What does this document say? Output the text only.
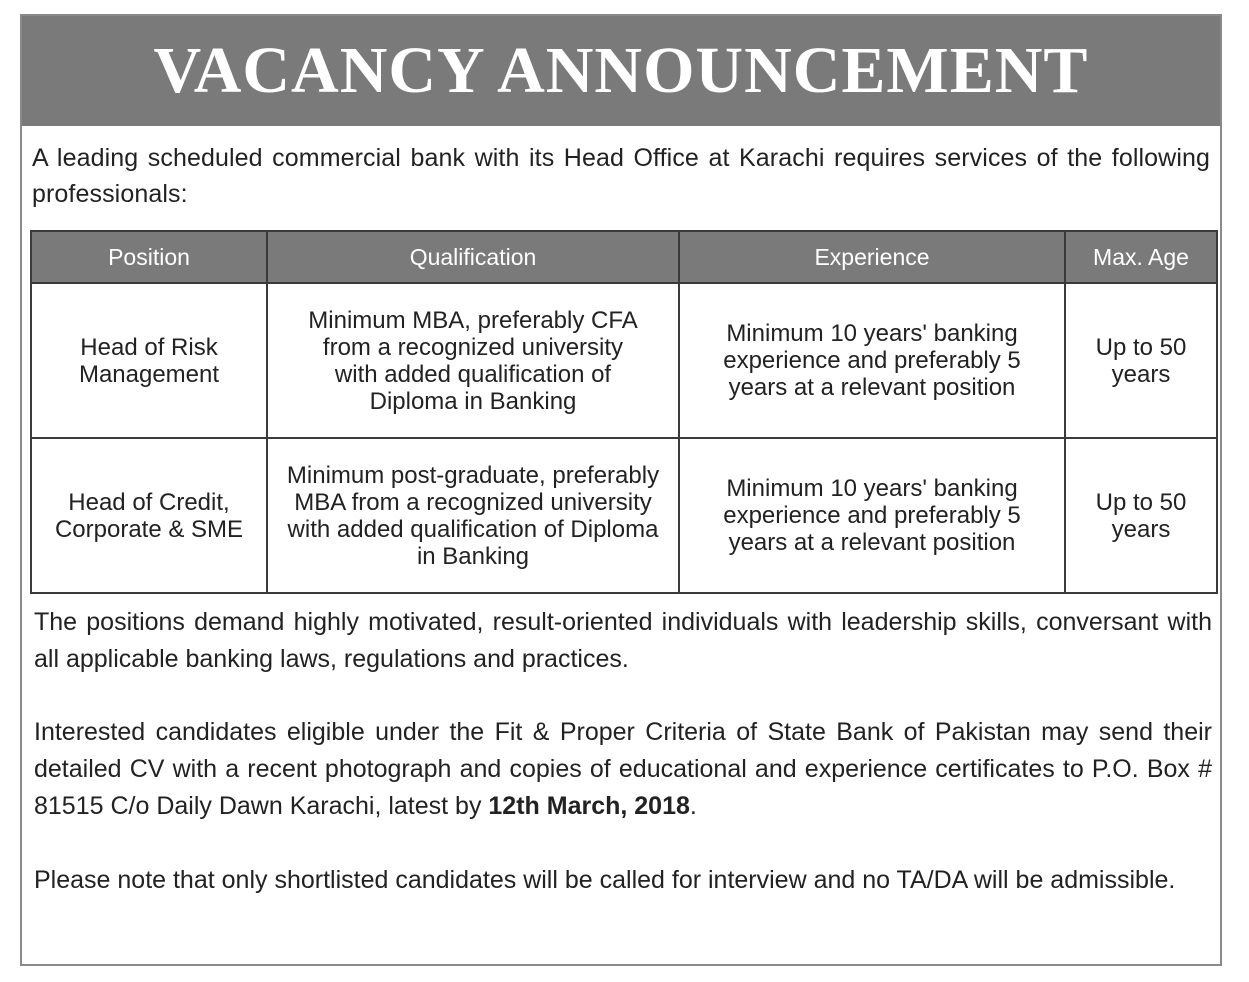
VACANCY ANNOUNCEMENT
A leading scheduled commercial bank with its Head Office at Karachi requires services of the following professionals:
Position	Qualification	Experience	Max. Age
Head of Risk Management	Minimum MBA, preferably CFA from a recognized university with added qualification of Diploma in Banking	Minimum 10 years' banking experience and preferably 5 years at a relevant position	Up to 50 years
Head of Credit, Corporate & SME	Minimum post-graduate, preferably MBA from a recognized university with added qualification of Diploma in Banking	Minimum 10 years' banking experience and preferably 5 years at a relevant position	Up to 50 years

The positions demand highly motivated, result-oriented individuals with leadership skills, conversant with all applicable banking laws, regulations and practices.

Interested candidates eligible under the Fit & Proper Criteria of State Bank of Pakistan may send their detailed CV with a recent photograph and copies of educational and experience certificates to P.O. Box # 81515 C/o Daily Dawn Karachi, latest by 12th March, 2018.

Please note that only shortlisted candidates will be called for interview and no TA/DA will be admissible.
